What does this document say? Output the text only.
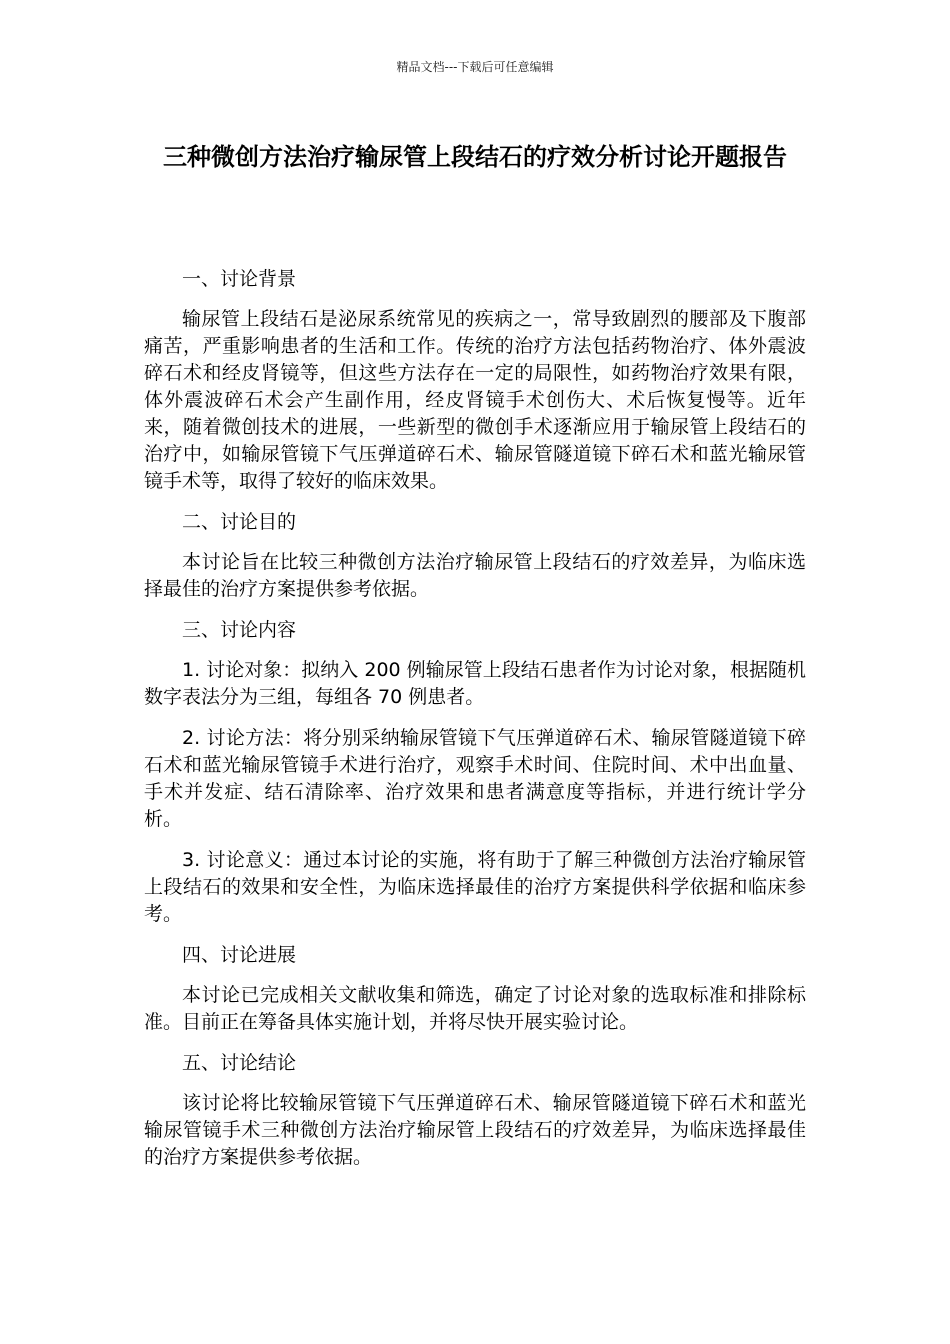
精品文档---下载后可任意编辑
三种微创方法治疗输尿管上段结石的疗效分析讨论开题报告

一、讨论背景

输尿管上段结石是泌尿系统常见的疾病之一，常导致剧烈的腰部及下腹部痛苦，严重影响患者的生活和工作。传统的治疗方法包括药物治疗、体外震波碎石术和经皮肾镜等，但这些方法存在一定的局限性，如药物治疗效果有限，体外震波碎石术会产生副作用，经皮肾镜手术创伤大、术后恢复慢等。近年来，随着微创技术的进展，一些新型的微创手术逐渐应用于输尿管上段结石的治疗中，如输尿管镜下气压弹道碎石术、输尿管隧道镜下碎石术和蓝光输尿管镜手术等，取得了较好的临床效果。

二、讨论目的

本讨论旨在比较三种微创方法治疗输尿管上段结石的疗效差异，为临床选择最佳的治疗方案提供参考依据。

三、讨论内容

1. 讨论对象：拟纳入 200 例输尿管上段结石患者作为讨论对象，根据随机数字表法分为三组，每组各 70 例患者。

2. 讨论方法：将分别采纳输尿管镜下气压弹道碎石术、输尿管隧道镜下碎石术和蓝光输尿管镜手术进行治疗，观察手术时间、住院时间、术中出血量、手术并发症、结石清除率、治疗效果和患者满意度等指标，并进行统计学分析。

3. 讨论意义：通过本讨论的实施，将有助于了解三种微创方法治疗输尿管上段结石的效果和安全性，为临床选择最佳的治疗方案提供科学依据和临床参考。

四、讨论进展

本讨论已完成相关文献收集和筛选，确定了讨论对象的选取标准和排除标准。目前正在筹备具体实施计划，并将尽快开展实验讨论。

五、讨论结论

该讨论将比较输尿管镜下气压弹道碎石术、输尿管隧道镜下碎石术和蓝光输尿管镜手术三种微创方法治疗输尿管上段结石的疗效差异，为临床选择最佳的治疗方案提供参考依据。
